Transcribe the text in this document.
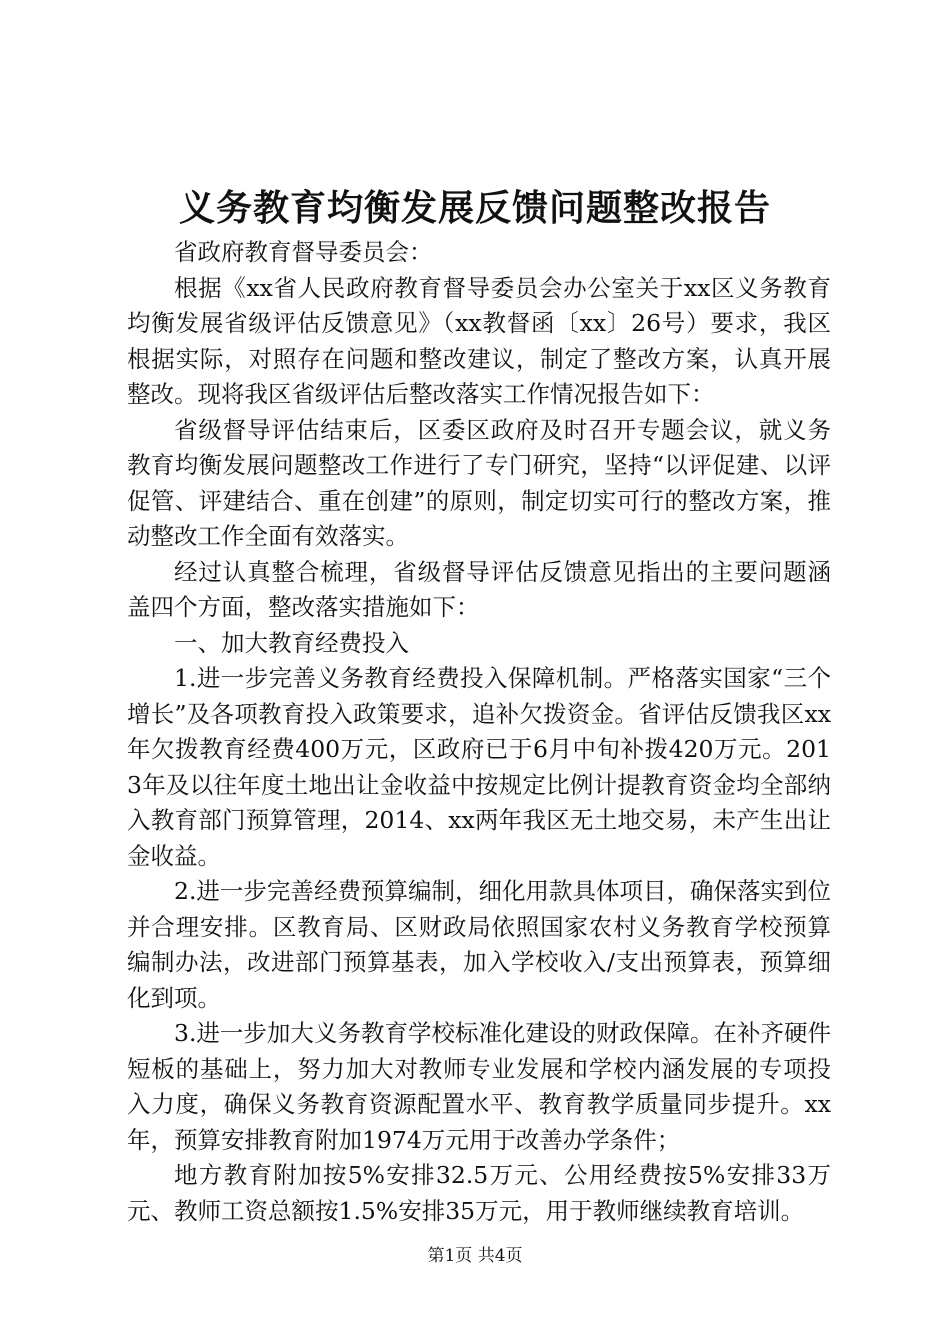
义务教育均衡发展反馈问题整改报告

省政府教育督导委员会：

根据《xx省人民政府教育督导委员会办公室关于xx区义务教育均衡发展省级评估反馈意见》（xx教督函〔xx〕26号）要求，我区根据实际，对照存在问题和整改建议，制定了整改方案，认真开展整改。现将我区省级评估后整改落实工作情况报告如下：

省级督导评估结束后，区委区政府及时召开专题会议，就义务教育均衡发展问题整改工作进行了专门研究，坚持“以评促建、以评促管、评建结合、重在创建”的原则，制定切实可行的整改方案，推动整改工作全面有效落实。

经过认真整合梳理，省级督导评估反馈意见指出的主要问题涵盖四个方面，整改落实措施如下：

一、加大教育经费投入

1.进一步完善义务教育经费投入保障机制。严格落实国家“三个增长”及各项教育投入政策要求，追补欠拨资金。省评估反馈我区xx年欠拨教育经费400万元，区政府已于6月中旬补拨420万元。2013年及以往年度土地出让金收益中按规定比例计提教育资金均全部纳入教育部门预算管理，2014、xx两年我区无土地交易，未产生出让金收益。

2.进一步完善经费预算编制，细化用款具体项目，确保落实到位并合理安排。区教育局、区财政局依照国家农村义务教育学校预算编制办法，改进部门预算基表，加入学校收入/支出预算表，预算细化到项。

3.进一步加大义务教育学校标准化建设的财政保障。在补齐硬件短板的基础上，努力加大对教师专业发展和学校内涵发展的专项投入力度，确保义务教育资源配置水平、教育教学质量同步提升。xx年，预算安排教育附加1974万元用于改善办学条件；

地方教育附加按5%安排32.5万元、公用经费按5%安排33万元、教师工资总额按1.5%安排35万元，用于教师继续教育培训。

第1页 共4页
